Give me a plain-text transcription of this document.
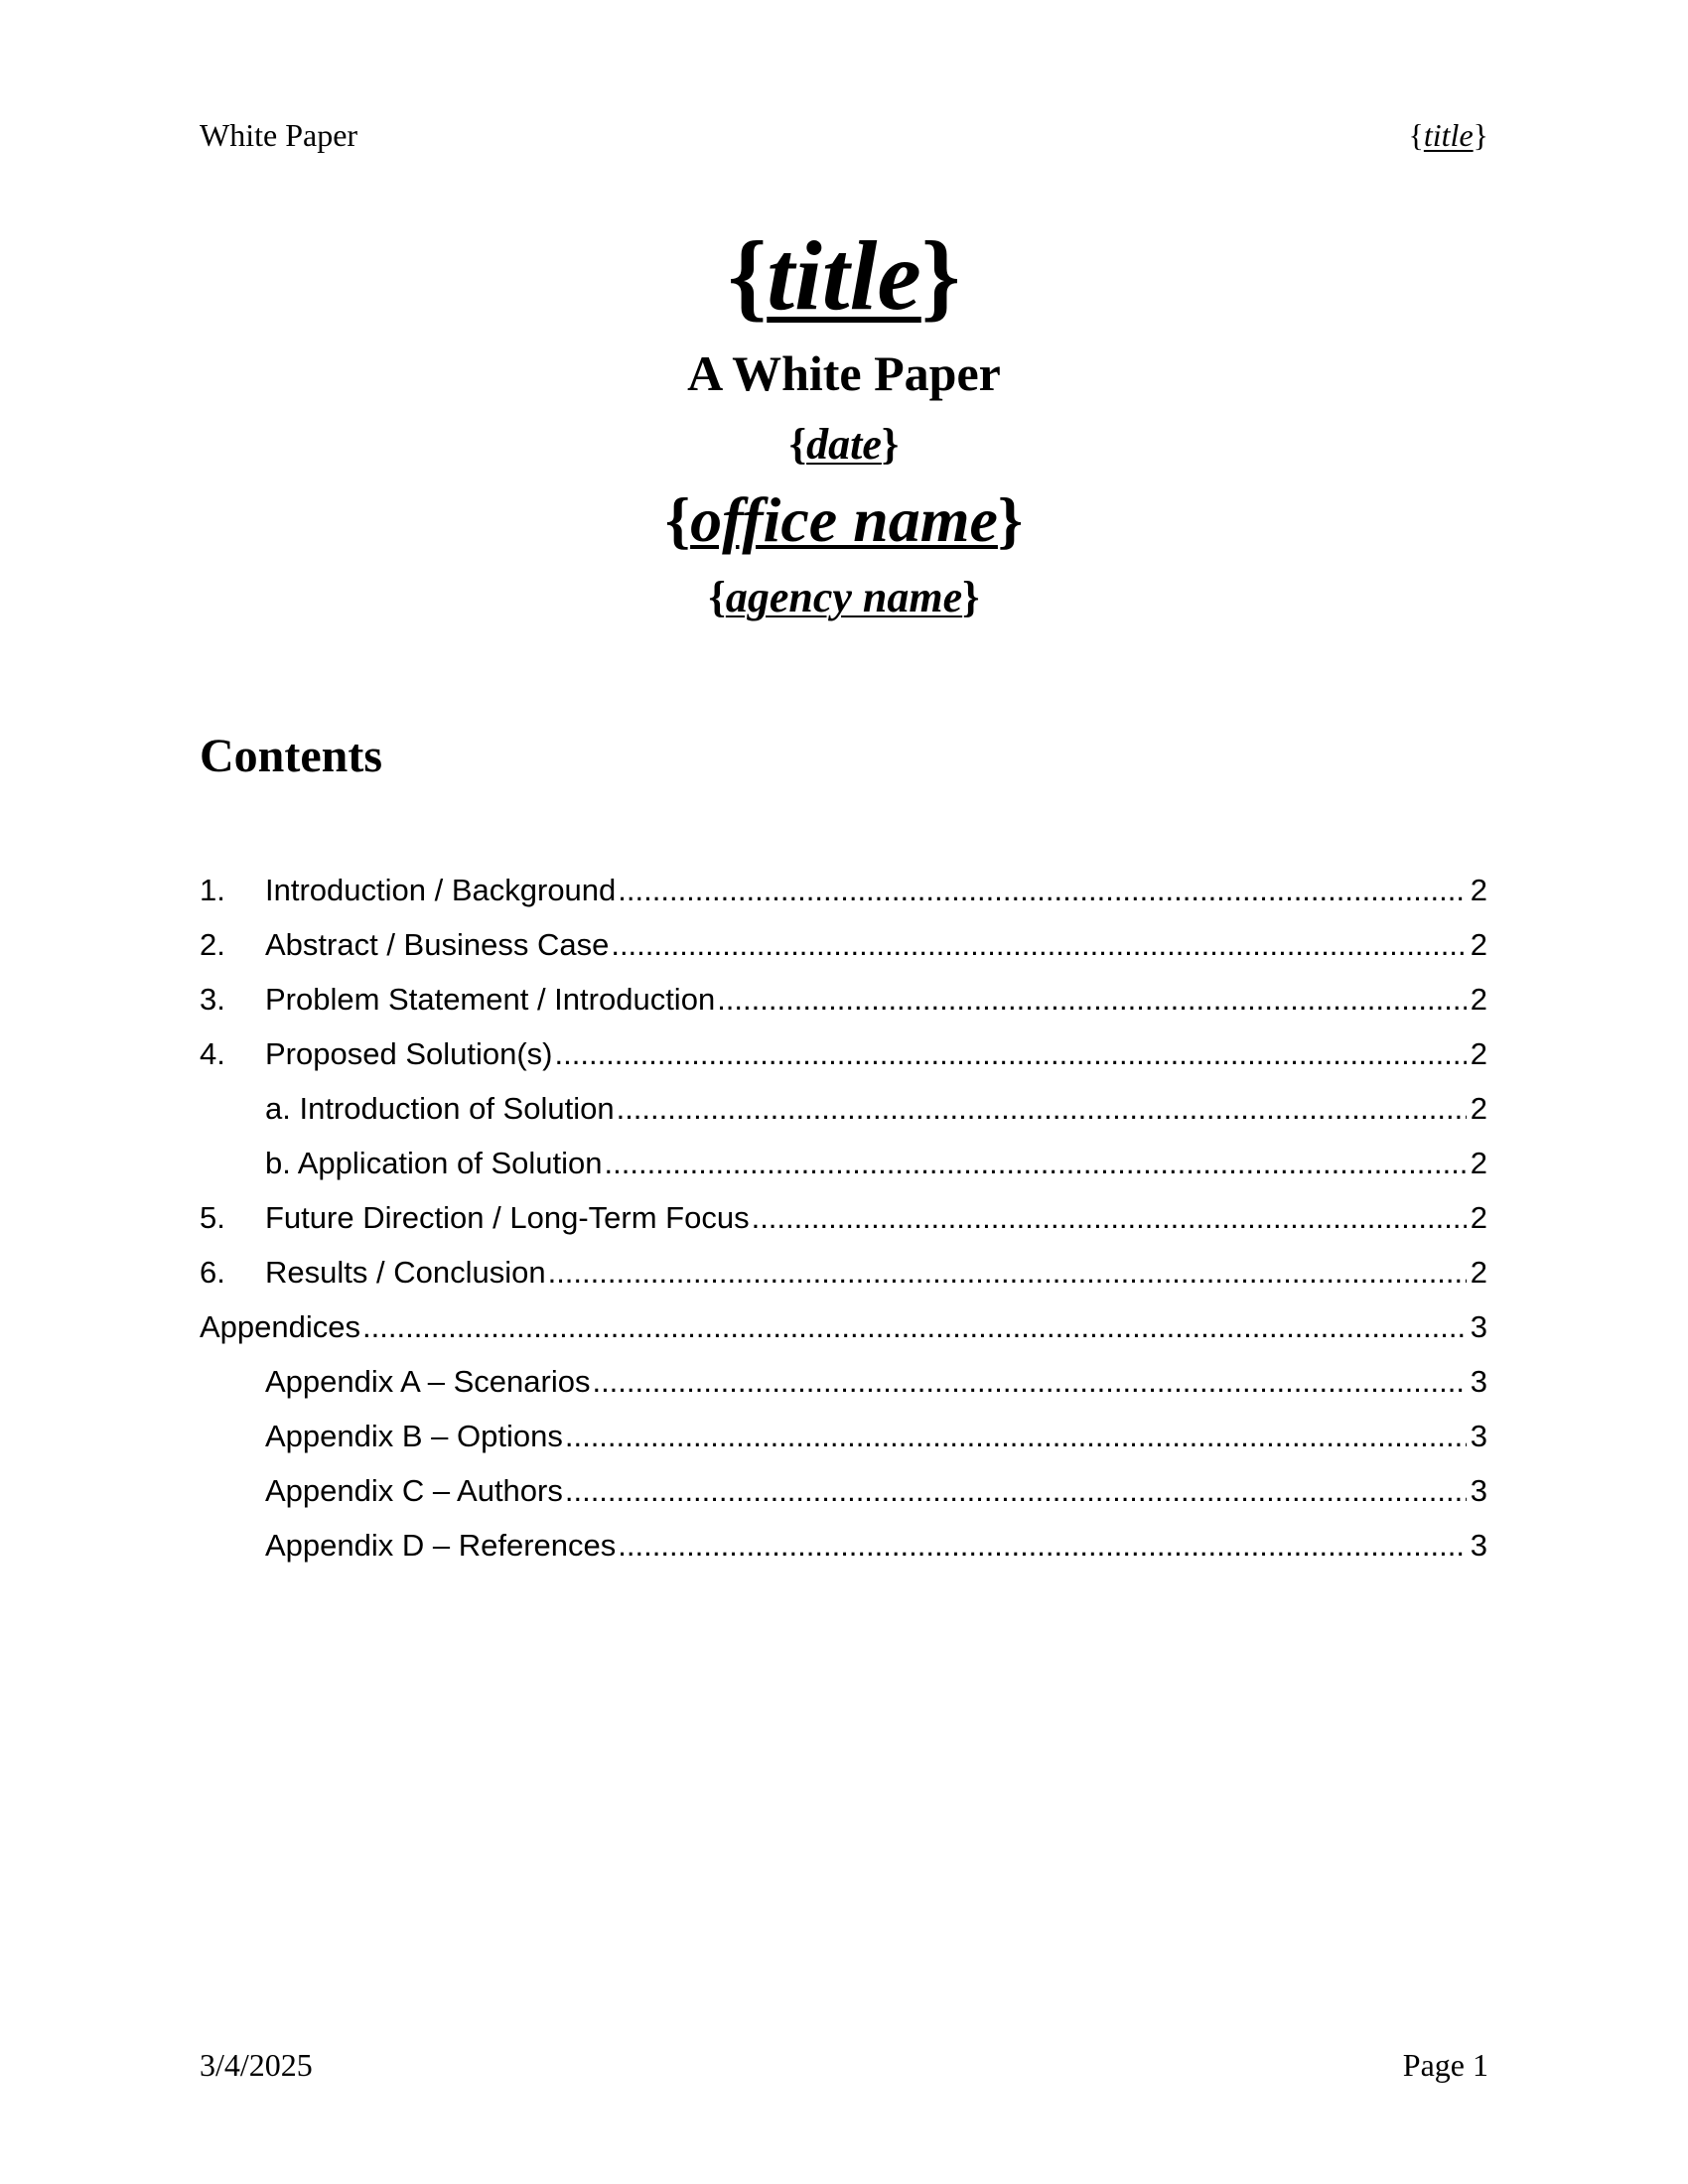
White Paper	{title}
{title}
A White Paper
{date}
{office name}
{agency name}
Contents
1. Introduction / Background .....	2
2. Abstract / Business Case .....	2
3. Problem Statement / Introduction .....	2
4. Proposed Solution(s) .....	2
a. Introduction of Solution .....	2
b. Application of Solution .....	2
5. Future Direction / Long-Term Focus .....	2
6. Results / Conclusion .....	2
Appendices .....	3
Appendix A – Scenarios .....	3
Appendix B – Options .....	3
Appendix C – Authors .....	3
Appendix D – References .....	3
3/4/2025	Page 1
